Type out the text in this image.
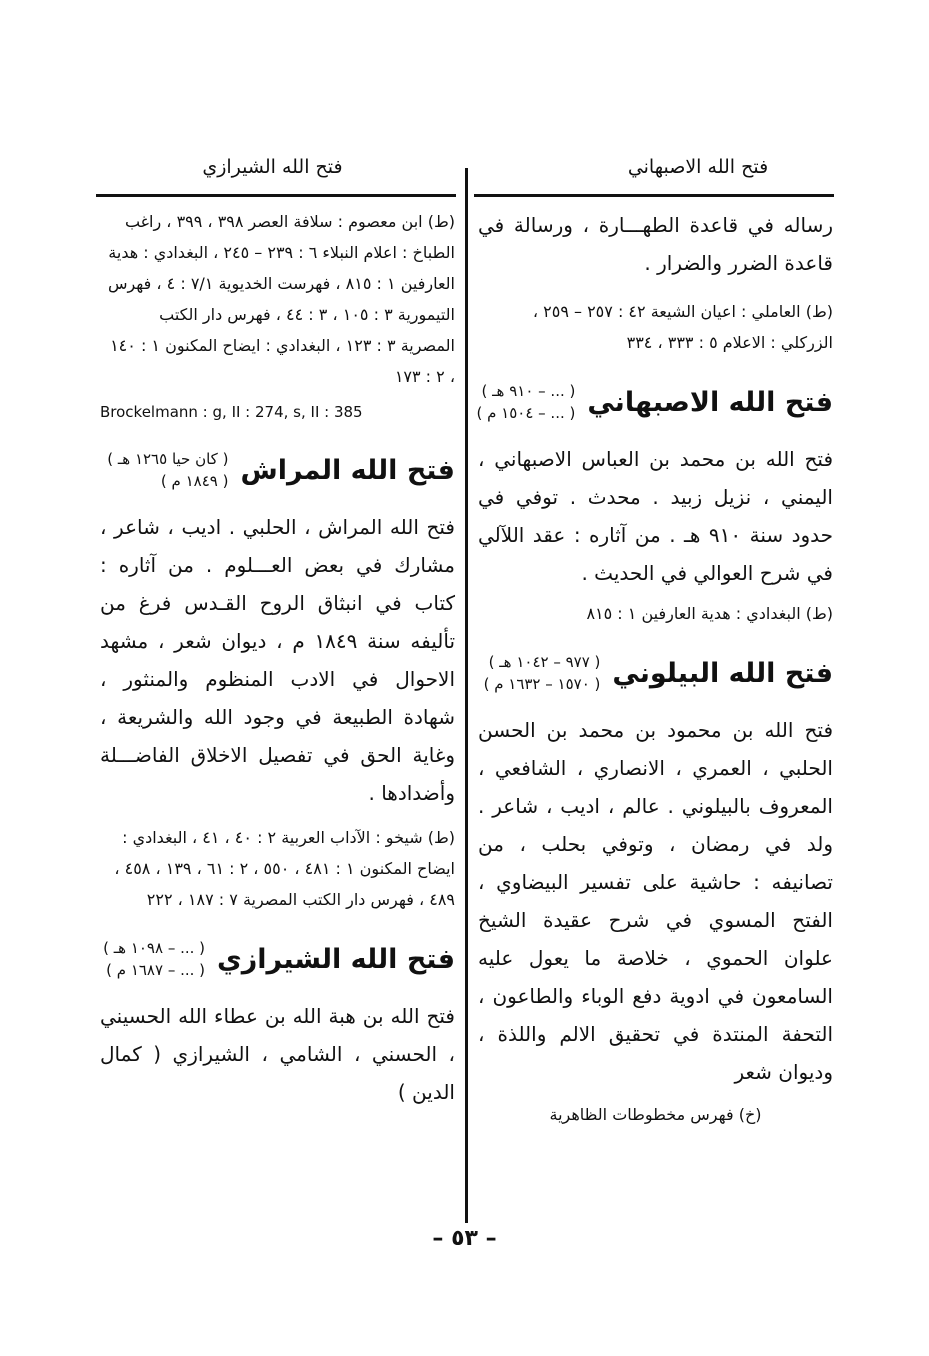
فتح الله الاصبهاني
فتح الله الشيرازي

رساله في قاعدة الطهـــارة ، ورسالة في قاعدة الضرر والضرار .

(ط) العاملي : اعيان الشيعة ٤٢ : ٢٥٧ – ٢٥٩ ، الزركلي : الاعلام ٥ : ٣٣٣ ، ٣٣٤

فتح الله الاصبهاني
( ... – ٩١٠ هـ )
( ... – ١٥٠٤ م )

فتح الله بن محمد بن العباس الاصبهاني ، اليمني ، نزيل زبيد . محدث . توفي في حدود سنة ٩١٠ هـ . من آثاره : عقد اللآلي في شرح العوالي في الحديث .

(ط) البغدادي : هدية العارفين ١ : ٨١٥

فتح الله البيلوني
( ٩٧٧ – ١٠٤٢ هـ )
( ١٥٧٠ – ١٦٣٢ م )

فتح الله بن محمود بن محمد بن الحسن الحلبي ، العمري ، الانصاري ، الشافعي ، المعروف بالبيلوني . عالم ، اديب ، شاعر . ولد في رمضان ، وتوفي بحلب ، من تصانيفه : حاشية على تفسير البيضاوي ، الفتح المسوي في شرح عقيدة الشيخ علوان الحموي ، خلاصة ما يعول عليه السامعون في ادوية دفع الوباء والطاعون ، التحفة المنتدة في تحقيق الالم واللذة ، وديوان شعر

(خ) فهرس مخطوطات الظاهرية

(ط) ابن معصوم : سلافة العصر ٣٩٨ ، ٣٩٩ ، راغب الطباخ : اعلام النبلاء ٦ : ٢٣٩ – ٢٤٥ ، البغدادي : هدية العارفين ١ : ٨١٥ ، فهرست الخديوية ٧/١ : ٤ ، فهرس التيمورية ٣ : ١٠٥ ، ٣ : ٤٤ ، فهرس دار الكتب المصرية ٣ : ١٢٣ ، البغدادي : ايضاح المكنون ١ : ١٤٠ ، ٢ : ١٧٣

Brockelmann : g, II : 274, s, II : 385

فتح الله المراش
( كان حيا ١٢٦٥ هـ )
( ١٨٤٩ م )

فتح الله المراش ، الحلبي . اديب ، شاعر ، مشارك في بعض العـــلوم . من آثاره : كتاب في انبثاق الروح القـدس فرغ من تأليفه سنة ١٨٤٩ م ، ديوان شعر ، مشهد الاحوال في الادب المنظوم والمنثور ، شهادة الطبيعة في وجود الله والشريعة ، وغاية الحق في تفصيل الاخلاق الفاضـــلة وأضدادها .

(ط) شيخو : الآداب العربية ٢ : ٤٠ ، ٤١ ، البغدادي : ايضاح المكنون ١ : ٤٨١ ، ٥٥٠ ، ٢ : ٦١ ، ١٣٩ ، ٤٥٨ ، ٤٨٩ ، فهرس دار الكتب المصرية ٧ : ١٨٧ ، ٢٢٢

فتح الله الشيرازي
( ... – ١٠٩٨ هـ )
( ... – ١٦٨٧ م )

فتح الله بن هبة الله بن عطاء الله الحسيني ، الحسني ، الشامي ، الشيرازي ( كمال الدين )

– ٥٣ –
